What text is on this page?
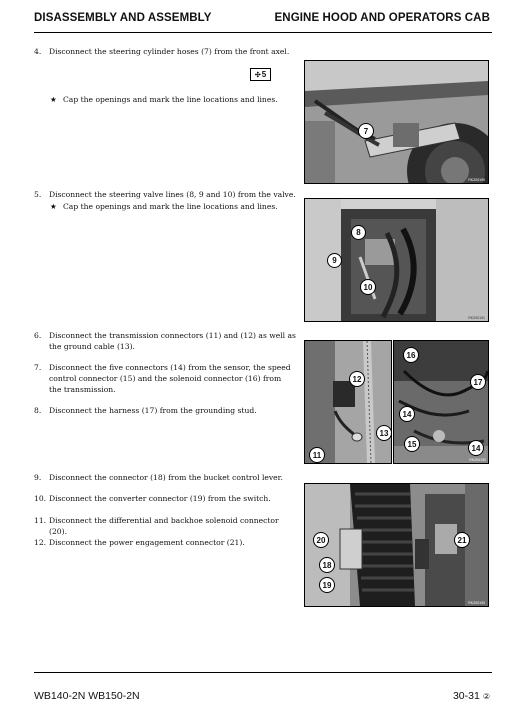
DISASSEMBLY AND ASSEMBLY	ENGINE HOOD AND OPERATORS CAB
4.	Disconnect the steering cylinder hoses (7) from the front axel.
✣ 5
★ Cap the openings and mark the line locations and lines.
5.	Disconnect the steering valve lines (8, 9 and 10) from the valve.
★ Cap the openings and mark the line locations and lines.
6.	Disconnect the transmission connectors (11) and (12) as well as the ground cable (13).
7.	Disconnect the five connectors (14) from the sensor, the speed control connector (15) and the solenoid connector (16) from the transmission.
8.	Disconnect the harness (17) from the grounding stud.
9.	Disconnect the connector (18) from the bucket control lever.
10. Disconnect the converter connector (19) from the switch.
11. Disconnect the differential and backhoe solenoid connector (20).
12. Disconnect the power engagement connector (21).
7
RKZ00190
8
9
10
RKZ00191
12
13
11
16
17
14
15	14
RKZ00192
20	21
18
19
RKZ00193
WB140-2N WB150-2N	30-31 ②
